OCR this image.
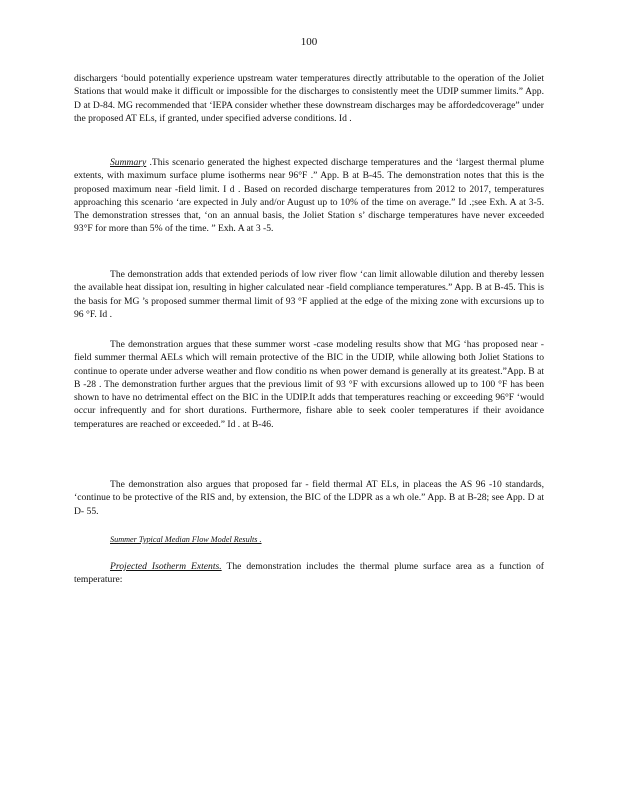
100

dischargers ‘bould potentially experience upstream water temperatures directly attributable to the operation of the Joliet Stations that would make it difficult or impossible for the discharges to consistently meet the UDIP summer limits.” App. D at D-84. MG recommended that ‘IEPA consider whether these downstream discharges may be affordedcoverage” under the proposed AT ELs, if granted, under specified adverse conditions. Id .

Summary .This scenario generated the highest expected discharge temperatures and the ‘largest thermal plume extents, with maximum surface plume isotherms near 96°F .” App. B at B-45. The demonstration notes that this is the proposed maximum near -field limit. I d . Based on recorded discharge temperatures from 2012 to 2017, temperatures approaching this scenario ‘are expected in July and/or August up to 10% of the time on average.” Id .;see Exh. A at 3-5. The demonstration stresses that, ‘on an annual basis, the Joliet Station s’ discharge temperatures have never exceeded 93°F for more than 5% of the time. ” Exh. A at 3 -5.

The demonstration adds that extended periods of low river flow ‘can limit allowable dilution and thereby lessen the available heat dissipat ion, resulting in higher calculated near -field compliance temperatures.” App. B at B-45. This is the basis for MG ’s proposed summer thermal limit of 93 °F applied at the edge of the mixing zone with excursions up to 96 °F. Id .

The demonstration argues that these summer worst -case modeling results show that MG ‘has proposed near -field summer thermal AELs which will remain protective of the BIC in the UDIP, while allowing both Joliet Stations to continue to operate under adverse weather and flow conditio ns when power demand is generally at its greatest.”App. B at B -28 . The demonstration further argues that the previous limit of 93 °F with excursions allowed up to 100 °F has been shown to have no detrimental effect on the BIC in the UDIP.It adds that temperatures reaching or exceeding 96°F ‘would occur infrequently and for short durations. Furthermore, fishare able to seek cooler temperatures if their avoidance temperatures are reached or exceeded.” Id . at B-46.

The demonstration also argues that proposed far - field thermal AT ELs, in placeas the AS 96 -10 standards, ‘continue to be protective of the RIS and, by extension, the BIC of the LDPR as a wh ole.” App. B at B-28; see App. D at D- 55.

Summer Typical Median Flow Model Results .

Projected Isotherm Extents. The demonstration includes the thermal plume surface area as a function of temperature:
